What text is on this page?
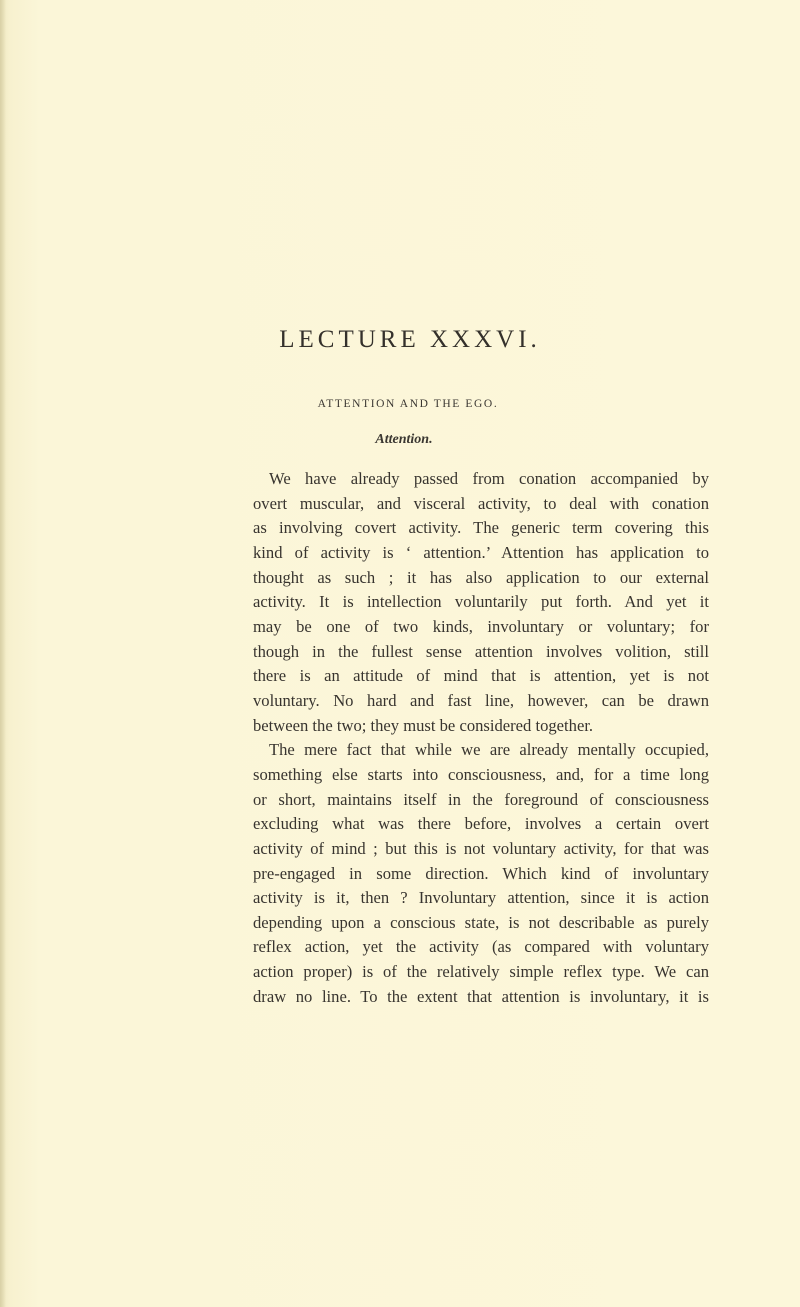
LECTURE XXXVI.
ATTENTION AND THE EGO.
Attention.

We have already passed from conation accompanied by
overt muscular, and visceral activity, to deal with conation
as involving covert activity. The generic term covering this
kind of activity is ‘ attention.’ Attention has application to
thought as such ; it has also application to our external
activity. It is intellection voluntarily put forth. And yet it
may be one of two kinds, involuntary or voluntary; for
though in the fullest sense attention involves volition, still
there is an attitude of mind that is attention, yet is not
voluntary. No hard and fast line, however, can be drawn
between the two; they must be considered together.

The mere fact that while we are already mentally occupied,
something else starts into consciousness, and, for a time long
or short, maintains itself in the foreground of consciousness
excluding what was there before, involves a certain overt
activity of mind ; but this is not voluntary activity, for that was
pre-engaged in some direction. Which kind of involuntary
activity is it, then ? Involuntary attention, since it is action
depending upon a conscious state, is not describable as purely
reflex action, yet the activity (as compared with voluntary
action proper) is of the relatively simple reflex type. We can
draw no line. To the extent that attention is involuntary, it is
